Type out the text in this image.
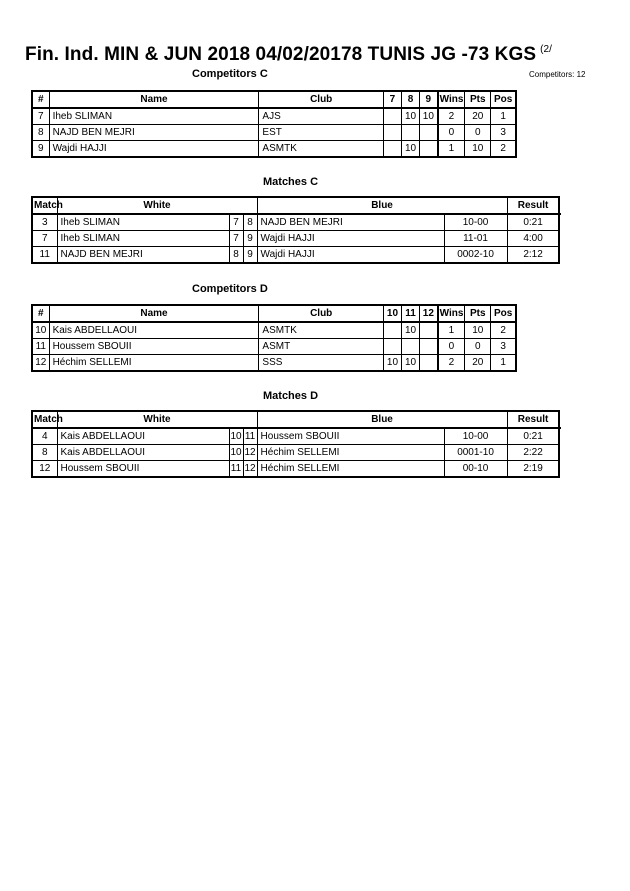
Fin. Ind. MIN & JUN 2018 04/02/20178 TUNIS JG -73 KGS $^{(2/}$
Competitors: 12
Competitors C
#	Name	Club	7	8	9	Wins	Pts	Pos
7	Iheb SLIMAN	AJS		10	10	2	20	1
8	NAJD BEN MEJRI	EST				0	0	3
9	Wajdi HAJJI	ASMTK		10		1	10	2
Matches C
Match	White			Blue		Result	
3	Iheb SLIMAN	7	8	NAJD BEN MEJRI	10-00	0:21	
7	Iheb SLIMAN	7	9	Wajdi HAJJI	11-01	4:00	
11	NAJD BEN MEJRI	8	9	Wajdi HAJJI	0002-10	2:12	
Competitors D
#	Name	Club	10	11	12	Wins	Pts	Pos
10	Kais ABDELLAOUI	ASMTK		10		1	10	2
11	Houssem SBOUII	ASMT				0	0	3
12	Héchim SELLEMI	SSS	10	10		2	20	1
Matches D
Match	White			Blue		Result	
4	Kais ABDELLAOUI	10	11	Houssem SBOUII	10-00	0:21	
8	Kais ABDELLAOUI	10	12	Héchim SELLEMI	0001-10	2:22	
12	Houssem SBOUII	11	12	Héchim SELLEMI	00-10	2:19	
